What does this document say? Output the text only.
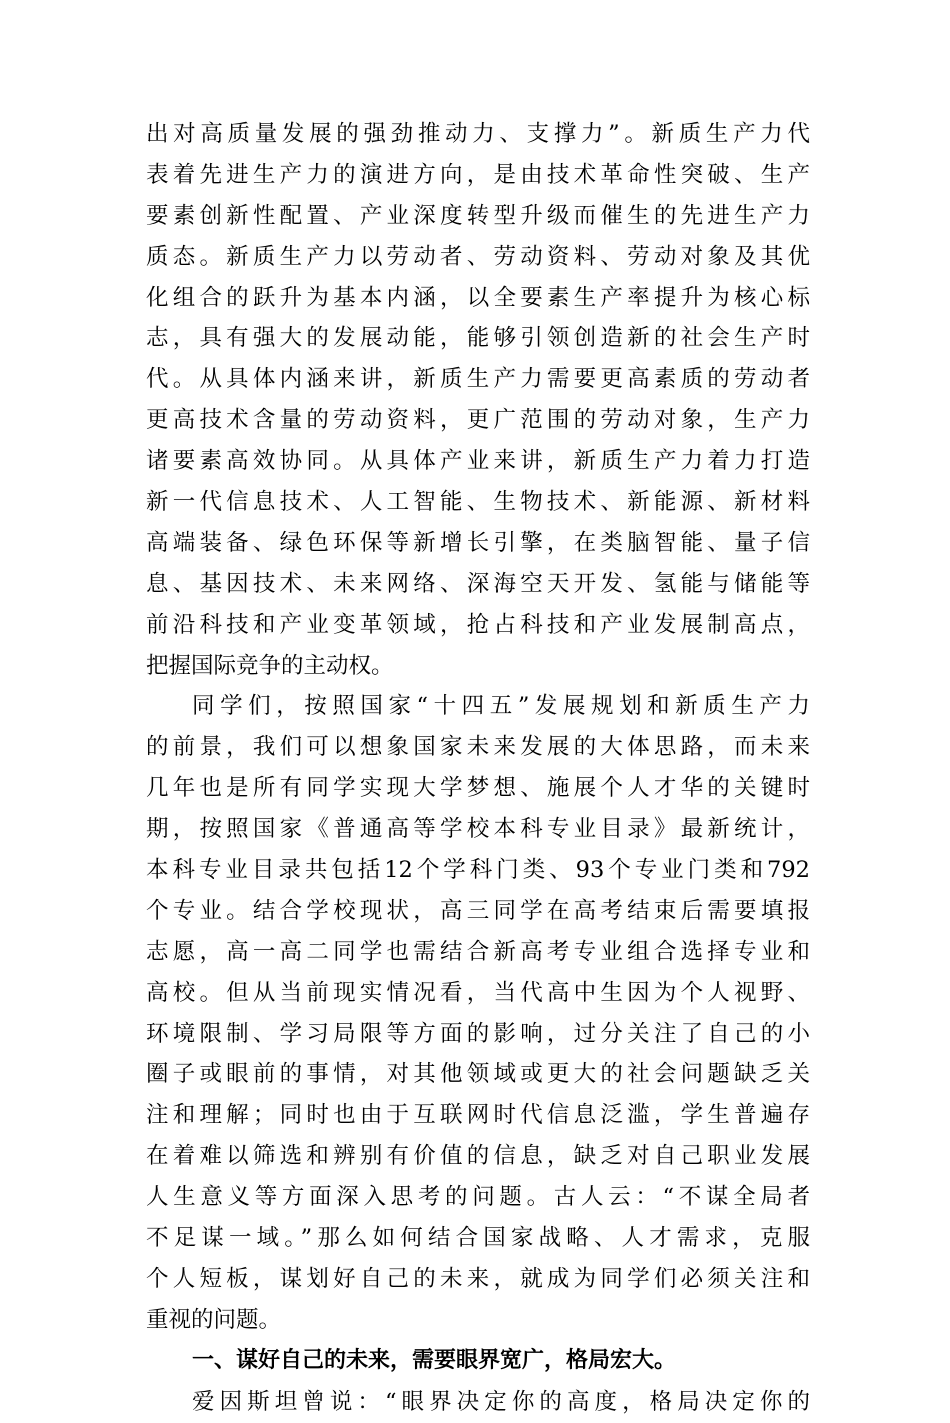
出对高质量发展的强劲推动力、支撑力”。新质生产力代
表着先进生产力的演进方向，是由技术革命性突破、生产
要素创新性配置、产业深度转型升级而催生的先进生产力
质态。新质生产力以劳动者、劳动资料、劳动对象及其优
化组合的跃升为基本内涵，以全要素生产率提升为核心标
志，具有强大的发展动能，能够引领创造新的社会生产时
代。从具体内涵来讲，新质生产力需要更高素质的劳动者
更高技术含量的劳动资料，更广范围的劳动对象，生产力
诸要素高效协同。从具体产业来讲，新质生产力着力打造
新一代信息技术、人工智能、生物技术、新能源、新材料
高端装备、绿色环保等新增长引擎，在类脑智能、量子信
息、基因技术、未来网络、深海空天开发、氢能与储能等
前沿科技和产业变革领域，抢占科技和产业发展制高点，
把握国际竞争的主动权。
同学们，按照国家“十四五”发展规划和新质生产力
的前景，我们可以想象国家未来发展的大体思路，而未来
几年也是所有同学实现大学梦想、施展个人才华的关键时
期，按照国家《普通高等学校本科专业目录》最新统计，
本科专业目录共包括12个学科门类、93个专业门类和792
个专业。结合学校现状，高三同学在高考结束后需要填报
志愿，高一高二同学也需结合新高考专业组合选择专业和
高校。但从当前现实情况看，当代高中生因为个人视野、
环境限制、学习局限等方面的影响，过分关注了自己的小
圈子或眼前的事情，对其他领域或更大的社会问题缺乏关
注和理解；同时也由于互联网时代信息泛滥，学生普遍存
在着难以筛选和辨别有价值的信息，缺乏对自己职业发展
人生意义等方面深入思考的问题。古人云：“不谋全局者
不足谋一域。”那么如何结合国家战略、人才需求，克服
个人短板，谋划好自己的未来，就成为同学们必须关注和
重视的问题。
一、谋好自己的未来，需要眼界宽广，格局宏大。
爱因斯坦曾说：“眼界决定你的高度，格局决定你的
